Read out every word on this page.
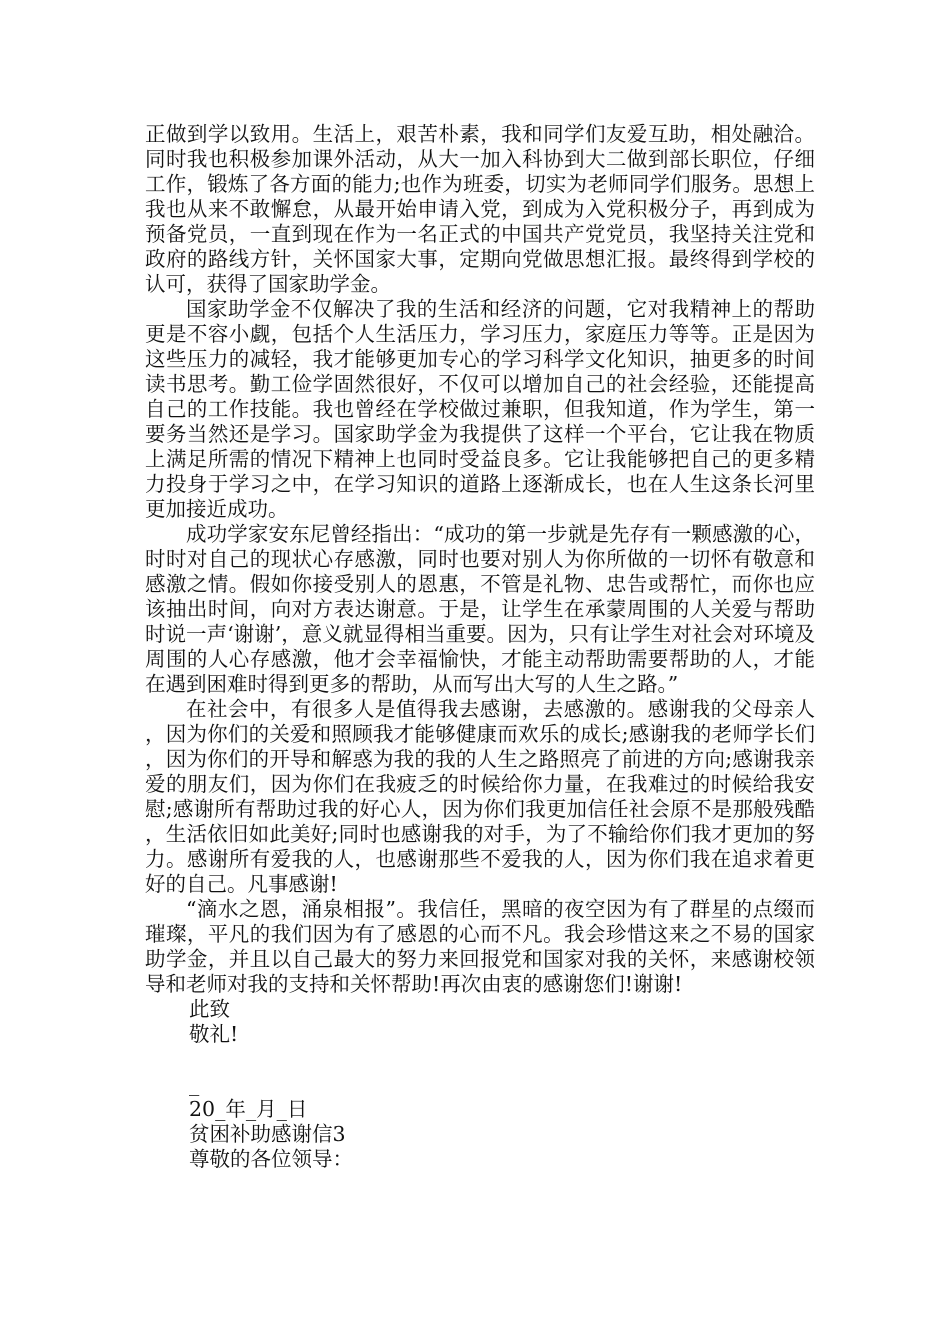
正做到学以致用。生活上，艰苦朴素，我和同学们友爱互助，相处融洽。同时我也积极参加课外活动，从大一加入科协到大二做到部长职位，仔细工作，锻炼了各方面的能力;也作为班委，切实为老师同学们服务。思想上我也从来不敢懈怠，从最开始申请入党，到成为入党积极分子，再到成为预备党员，一直到现在作为一名正式的中国共产党党员，我坚持关注党和政府的路线方针，关怀国家大事，定期向党做思想汇报。最终得到学校的认可，获得了国家助学金。

国家助学金不仅解决了我的生活和经济的问题，它对我精神上的帮助更是不容小觑，包括个人生活压力，学习压力，家庭压力等等。正是因为这些压力的减轻，我才能够更加专心的学习科学文化知识，抽更多的时间读书思考。勤工俭学固然很好，不仅可以增加自己的社会经验，还能提高自己的工作技能。我也曾经在学校做过兼职，但我知道，作为学生，第一要务当然还是学习。国家助学金为我提供了这样一个平台，它让我在物质上满足所需的情况下精神上也同时受益良多。它让我能够把自己的更多精力投身于学习之中，在学习知识的道路上逐渐成长，也在人生这条长河里更加接近成功。

成功学家安东尼曾经指出：“成功的第一步就是先存有一颗感激的心，时时对自己的现状心存感激，同时也要对别人为你所做的一切怀有敬意和感激之情。假如你接受别人的恩惠，不管是礼物、忠告或帮忙，而你也应该抽出时间，向对方表达谢意。于是，让学生在承蒙周围的人关爱与帮助时说一声‘谢谢’，意义就显得相当重要。因为，只有让学生对社会对环境及周围的人心存感激，他才会幸福愉快，才能主动帮助需要帮助的人，才能在遇到困难时得到更多的帮助，从而写出大写的人生之路。”

在社会中，有很多人是值得我去感谢，去感激的。感谢我的父母亲人，因为你们的关爱和照顾我才能够健康而欢乐的成长;感谢我的老师学长们，因为你们的开导和解惑为我的我的人生之路照亮了前进的方向;感谢我亲爱的朋友们，因为你们在我疲乏的时候给你力量，在我难过的时候给我安慰;感谢所有帮助过我的好心人，因为你们我更加信任社会原不是那般残酷，生活依旧如此美好;同时也感谢我的对手，为了不输给你们我才更加的努力。感谢所有爱我的人，也感谢那些不爱我的人，因为你们我在追求着更好的自己。凡事感谢!

“滴水之恩，涌泉相报”。我信任，黑暗的夜空因为有了群星的点缀而璀璨，平凡的我们因为有了感恩的心而不凡。我会珍惜这来之不易的国家助学金，并且以自己最大的努力来回报党和国家对我的关怀，来感谢校领导和老师对我的支持和关怀帮助!再次由衷的感谢您们!谢谢!

此致

敬礼!

_

20_年_月_日

贫困补助感谢信3

尊敬的各位领导：
